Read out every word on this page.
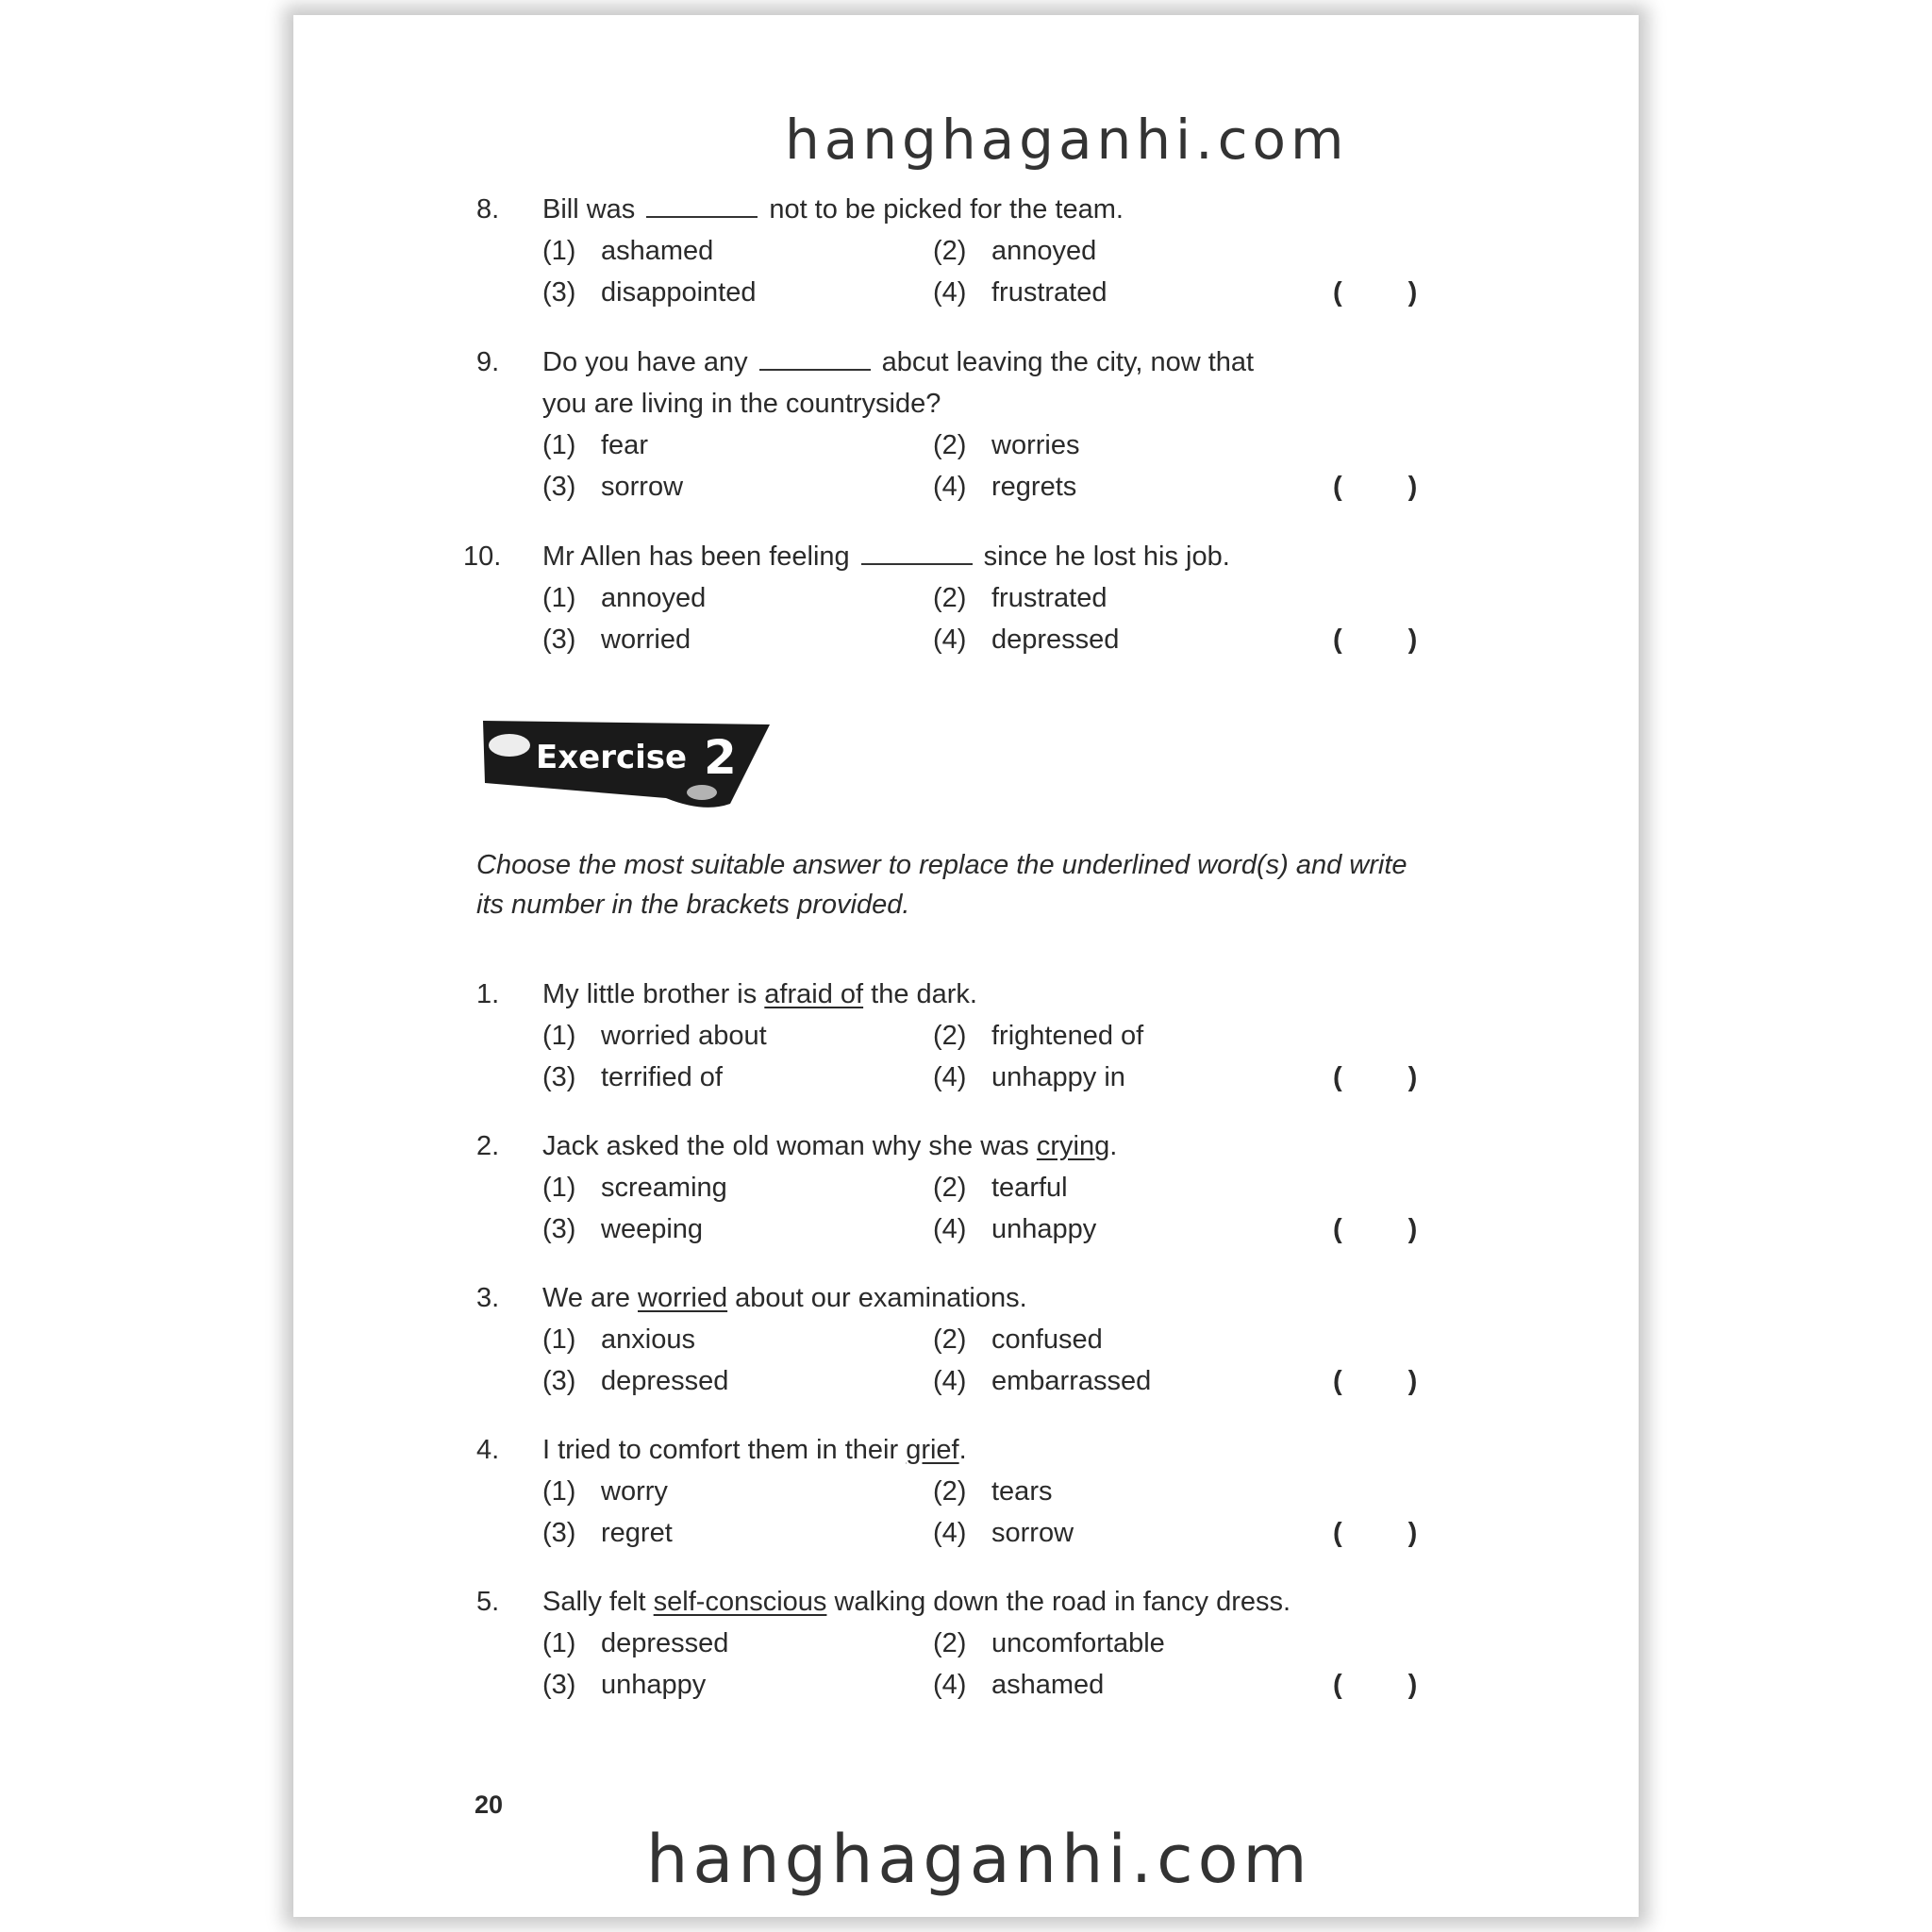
hanghaganhi.com
8.	Bill was	not to be picked for the team.
(1) ashamed	(2) annoyed
(3) disappointed	(4) frustrated	( )
9.	Do you have any	abcut leaving the city, now that
you are living in the countryside?
(1) fear	(2) worries
(3) sorrow	(4) regrets	( )
10.	Mr Allen has been feeling	since he lost his job.
(1) annoyed	(2) frustrated
(3) worried	(4) depressed	( )
Exercise 2
Choose the most suitable answer to replace the underlined word(s) and write its number in the brackets provided.
1.	My little brother is afraid of the dark.
(1) worried about	(2) frightened of
(3) terrified of	(4) unhappy in	( )
2.	Jack asked the old woman why she was crying.
(1) screaming	(2) tearful
(3) weeping	(4) unhappy	( )
3.	We are worried about our examinations.
(1) anxious	(2) confused
(3) depressed	(4) embarrassed	( )
4.	I tried to comfort them in their grief.
(1) worry	(2) tears
(3) regret	(4) sorrow	( )
5.	Sally felt self-conscious walking down the road in fancy dress.
(1) depressed	(2) uncomfortable
(3) unhappy	(4) ashamed	( )
20
hanghaganhi.com
